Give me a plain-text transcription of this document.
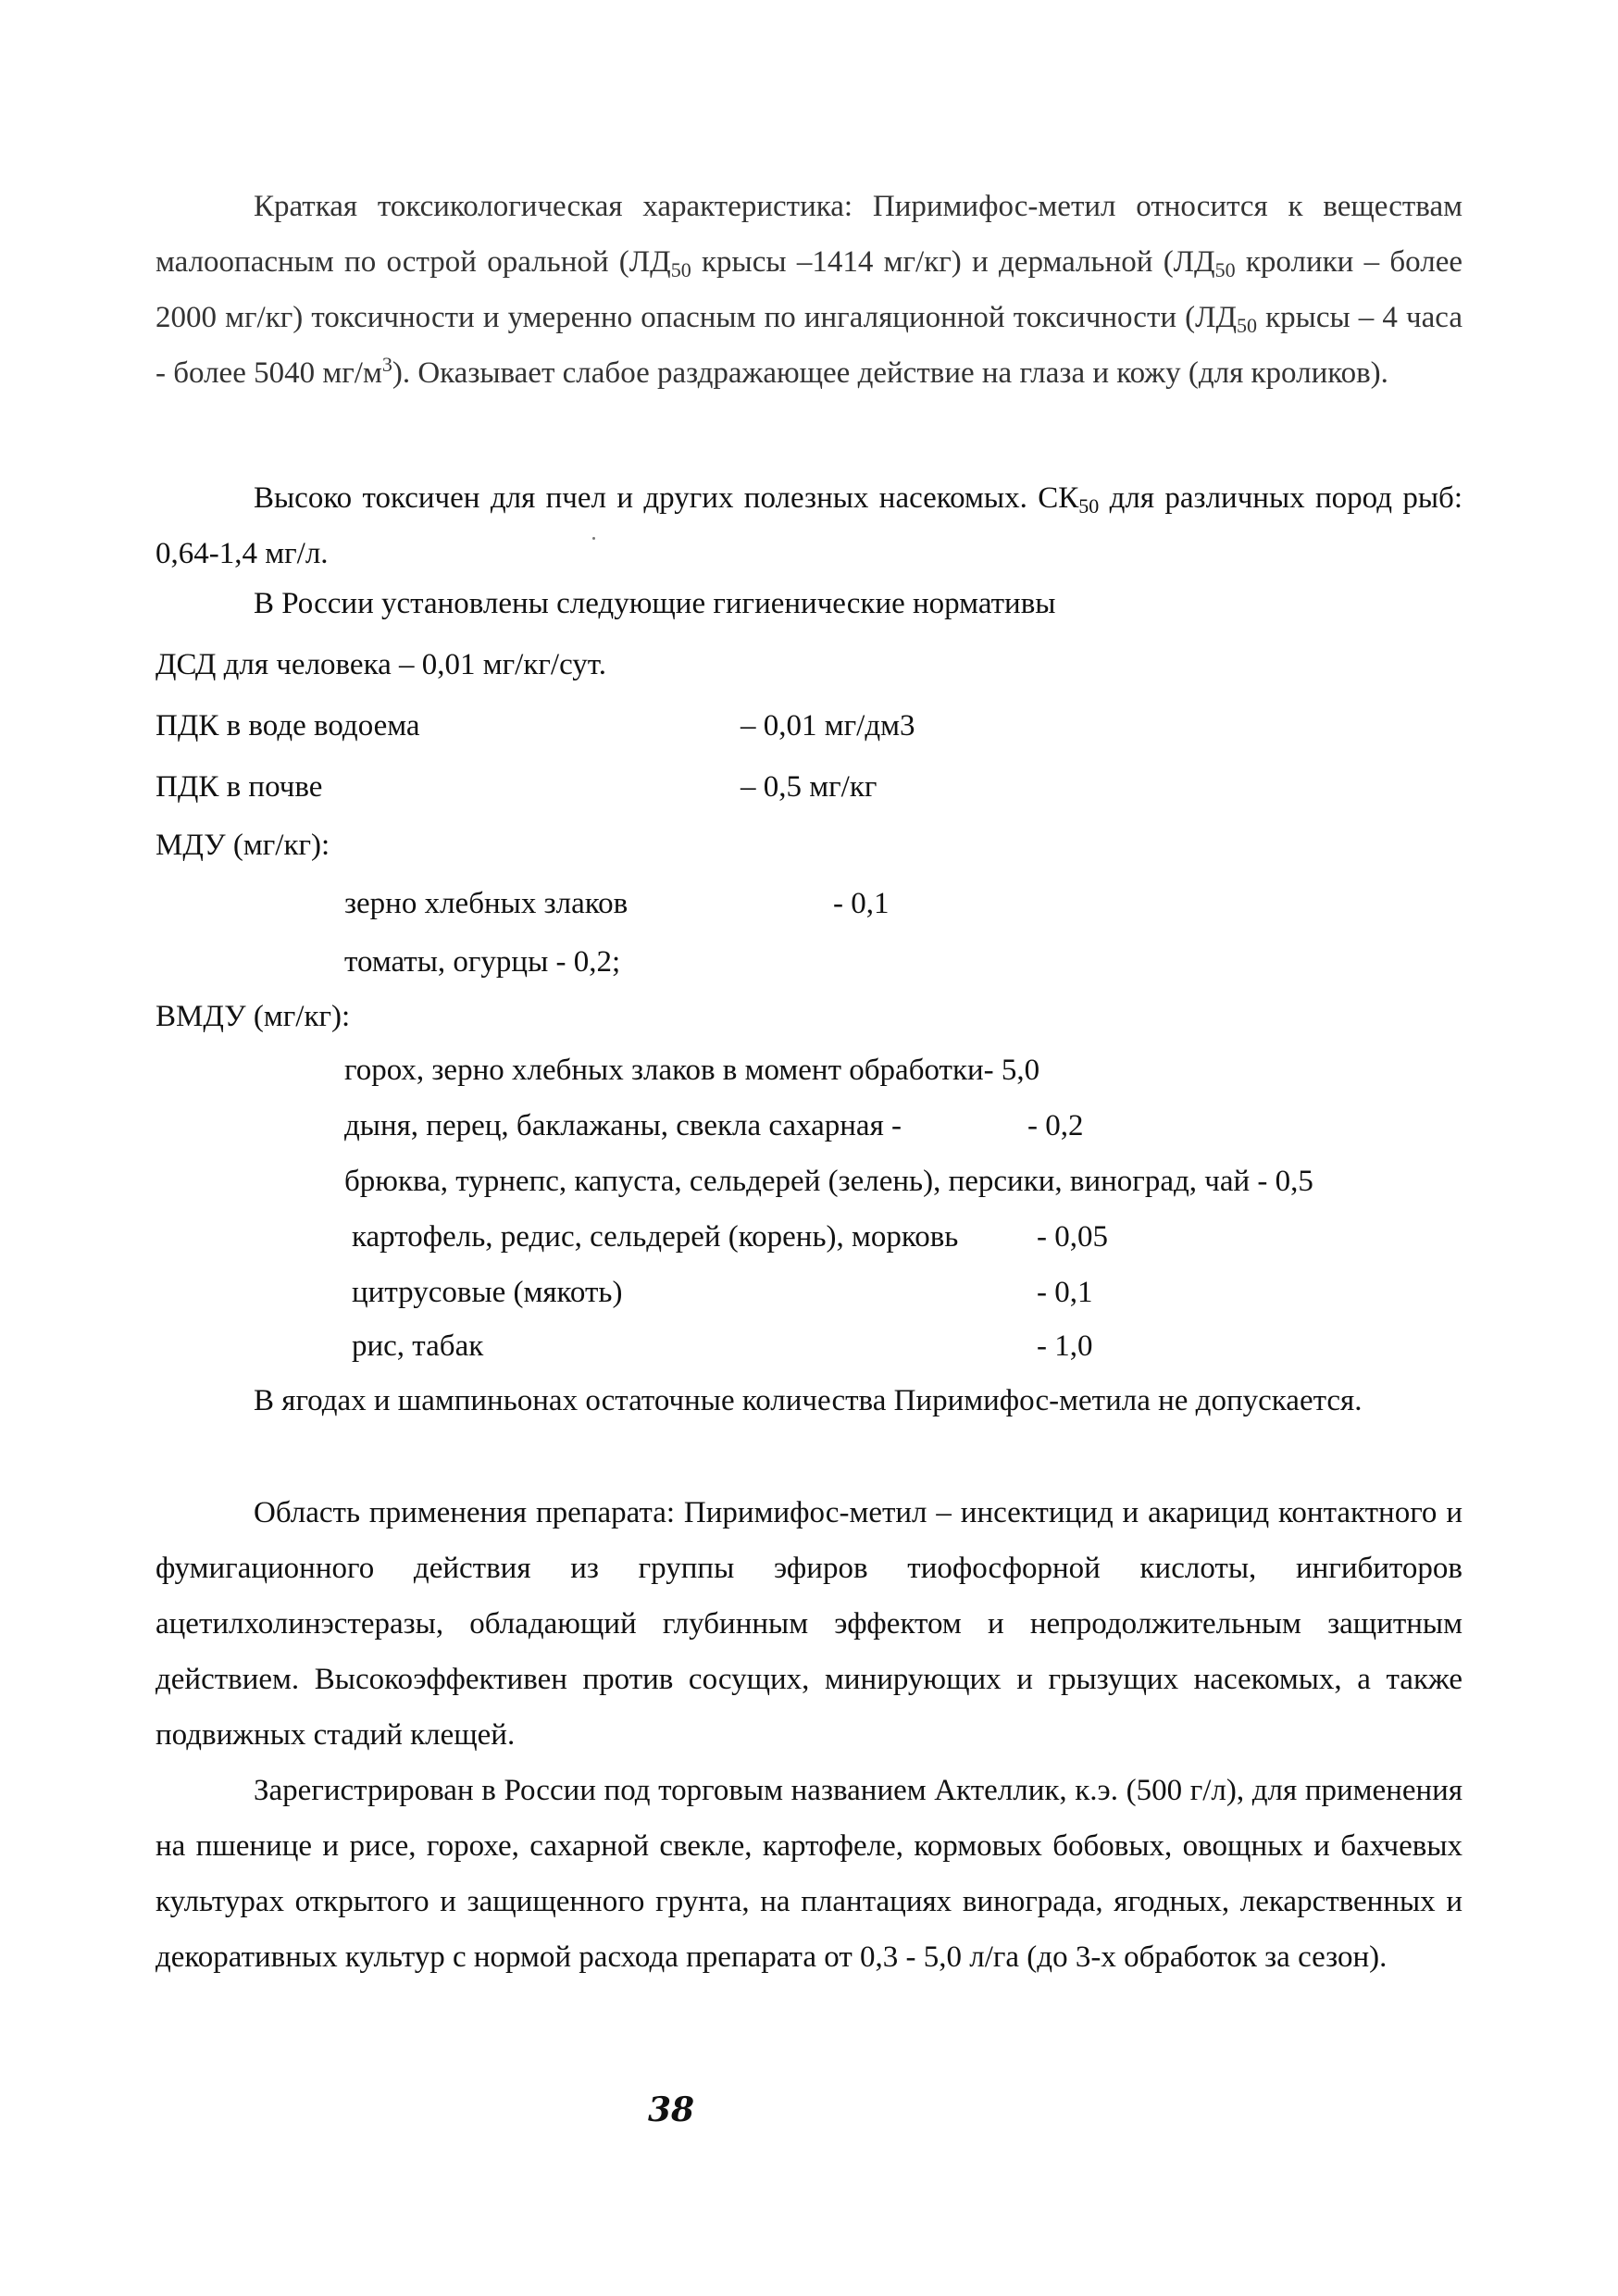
Краткая токсикологическая характеристика: Пиримифос-метил относится к веществам малоопасным по острой оральной ($ЛД_{50}$ крысы –1414 мг/кг) и дермальной ($ЛД_{50}$ кролики – более 2000 мг/кг) токсичности и умеренно опасным по ингаляционной токсичности ($ЛД_{50}$ крысы – 4 часа - более 5040 $мг/м^3$). Оказывает слабое раздражающее действие на глаза и кожу (для кроликов).

Высоко токсичен для пчел и других полезных насекомых. $СК_{50}$ для различных пород рыб: 0,64-1,4 мг/л.

В России установлены следующие гигиенические нормативы
ДСД для человека – 0,01 мг/кг/сут.
ПДК в воде водоема	– 0,01 мг/дм3
ПДК в почве	– 0,5 мг/кг
МДУ (мг/кг):
зерно хлебных злаков	- 0,1
томаты, огурцы - 0,2;
ВМДУ (мг/кг):
горох, зерно хлебных злаков в момент обработки- 5,0
дыня, перец, баклажаны, свекла сахарная -	- 0,2
брюква, турнепс, капуста, сельдерей (зелень), персики, виноград, чай - 0,5
картофель, редис, сельдерей (корень), морковь	- 0,05
цитрусовые (мякоть)	- 0,1
рис, табак	- 1,0
В ягодах и шампиньонах остаточные количества Пиримифос-метила не допускается.

Область применения препарата: Пиримифос-метил – инсектицид и акарицид контактного и фумигационного действия из группы эфиров тиофосфорной кислоты, ингибиторов ацетилхолинэстеразы, обладающий глубинным эффектом и непродолжительным защитным действием. Высокоэффективен против сосущих, минирующих и грызущих насекомых, а также подвижных стадий клещей.

Зарегистрирован в России под торговым названием Актеллик, к.э. (500 г/л), для применения на пшенице и рисе, горохе, сахарной свекле, картофеле, кормовых бобовых, овощных и бахчевых культурах открытого и защищенного грунта, на плантациях винограда, ягодных, лекарственных и декоративных культур с нормой расхода препарата от 0,3 - 5,0 л/га (до 3-х обработок за сезон).

38
